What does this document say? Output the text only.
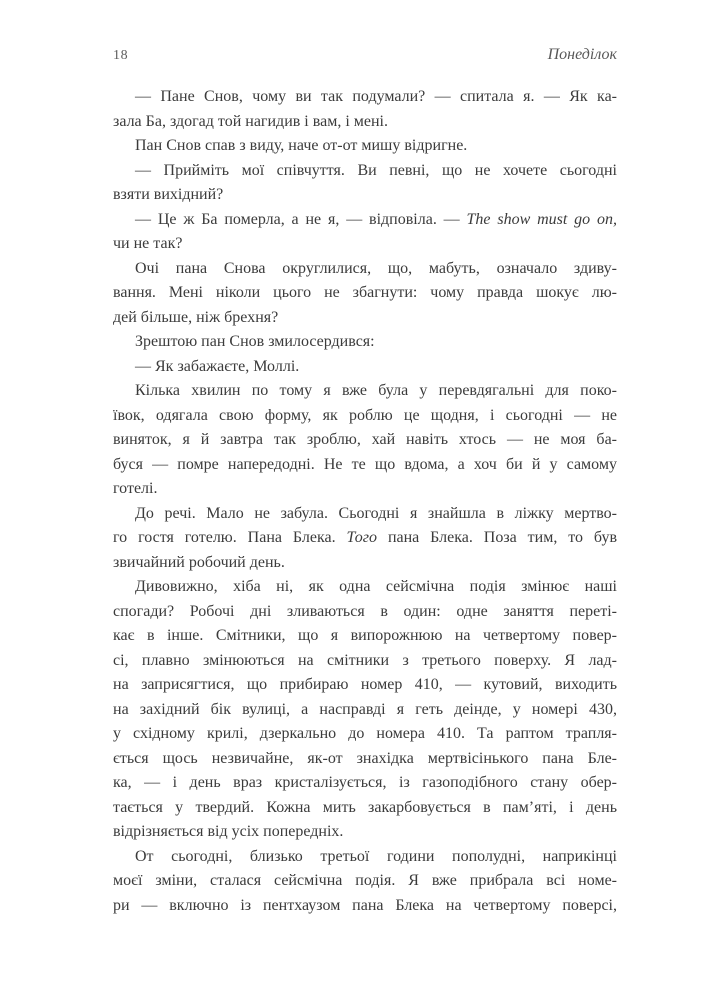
18	Понеділок
— Пане Снов, чому ви так подумали? — спитала я. — Як ка-
зала Ба, здогад той нагидив і вам, і мені.
Пан Снов спав з виду, наче от-от мишу відригне.
— Прийміть мої співчуття. Ви певні, що не хочете сьогодні
взяти вихідний?
— Це ж Ба померла, а не я, — відповіла. — The show must go on,
чи не так?
Очі пана Снова округлилися, що, мабуть, означало здиву-
вання. Мені ніколи цього не збагнути: чому правда шокує лю-
дей більше, ніж брехня?
Зрештою пан Снов змилосердився:
— Як забажаєте, Моллі.
Кілька хвилин по тому я вже була у перевдягальні для поко-
ївок, одягала свою форму, як роблю це щодня, і сьогодні — не
виняток, я й завтра так зроблю, хай навіть хтось — не моя ба-
буся — помре напередодні. Не те що вдома, а хоч би й у самому
готелі.
До речі. Мало не забула. Сьогодні я знайшла в ліжку мертво-
го гостя готелю. Пана Блека. Того пана Блека. Поза тим, то був
звичайний робочий день.
Дивовижно, хіба ні, як одна сейсмічна подія змінює наші
спогади? Робочі дні зливаються в один: одне заняття переті-
кає в інше. Смітники, що я випорожнюю на четвертому повер-
сі, плавно змінюються на смітники з третього поверху. Я лад-
на заприсягтися, що прибираю номер 410, — кутовий, виходить
на західний бік вулиці, а насправді я геть деінде, у номері 430,
у східному крилі, дзеркально до номера 410. Та раптом трапля-
ється щось незвичайне, як-от знахідка мертвісінького пана Бле-
ка, — і день враз кристалізується, із газоподібного стану обер-
тається у твердий. Кожна мить закарбовується в пам’яті, і день
відрізняється від усіх попередніх.
От сьогодні, близько третьої години пополудні, наприкінці
моєї зміни, сталася сейсмічна подія. Я вже прибрала всі номе-
ри — включно із пентхаузом пана Блека на четвертому поверсі,
